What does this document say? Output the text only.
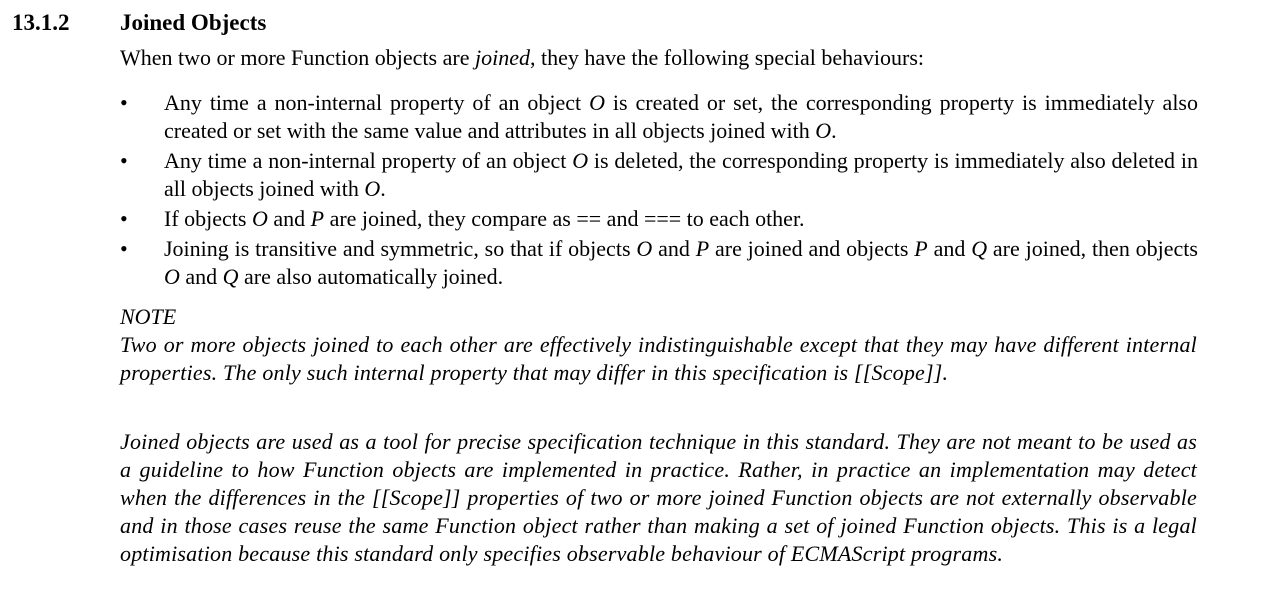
13.1.2 Joined Objects
When two or more Function objects are joined, they have the following special behaviours:
• Any time a non-internal property of an object O is created or set, the corresponding property is immediately also created or set with the same value and attributes in all objects joined with O.
• Any time a non-internal property of an object O is deleted, the corresponding property is immediately also deleted in all objects joined with O.
• If objects O and P are joined, they compare as == and === to each other.
• Joining is transitive and symmetric, so that if objects O and P are joined and objects P and Q are joined, then objects O and Q are also automatically joined.
NOTE
Two or more objects joined to each other are effectively indistinguishable except that they may have different internal properties. The only such internal property that may differ in this specification is [[Scope]].
Joined objects are used as a tool for precise specification technique in this standard. They are not meant to be used as a guideline to how Function objects are implemented in practice. Rather, in practice an implementation may detect when the differences in the [[Scope]] properties of two or more joined Function objects are not externally observable and in those cases reuse the same Function object rather than making a set of joined Function objects. This is a legal optimisation because this standard only specifies observable behaviour of ECMAScript programs.
